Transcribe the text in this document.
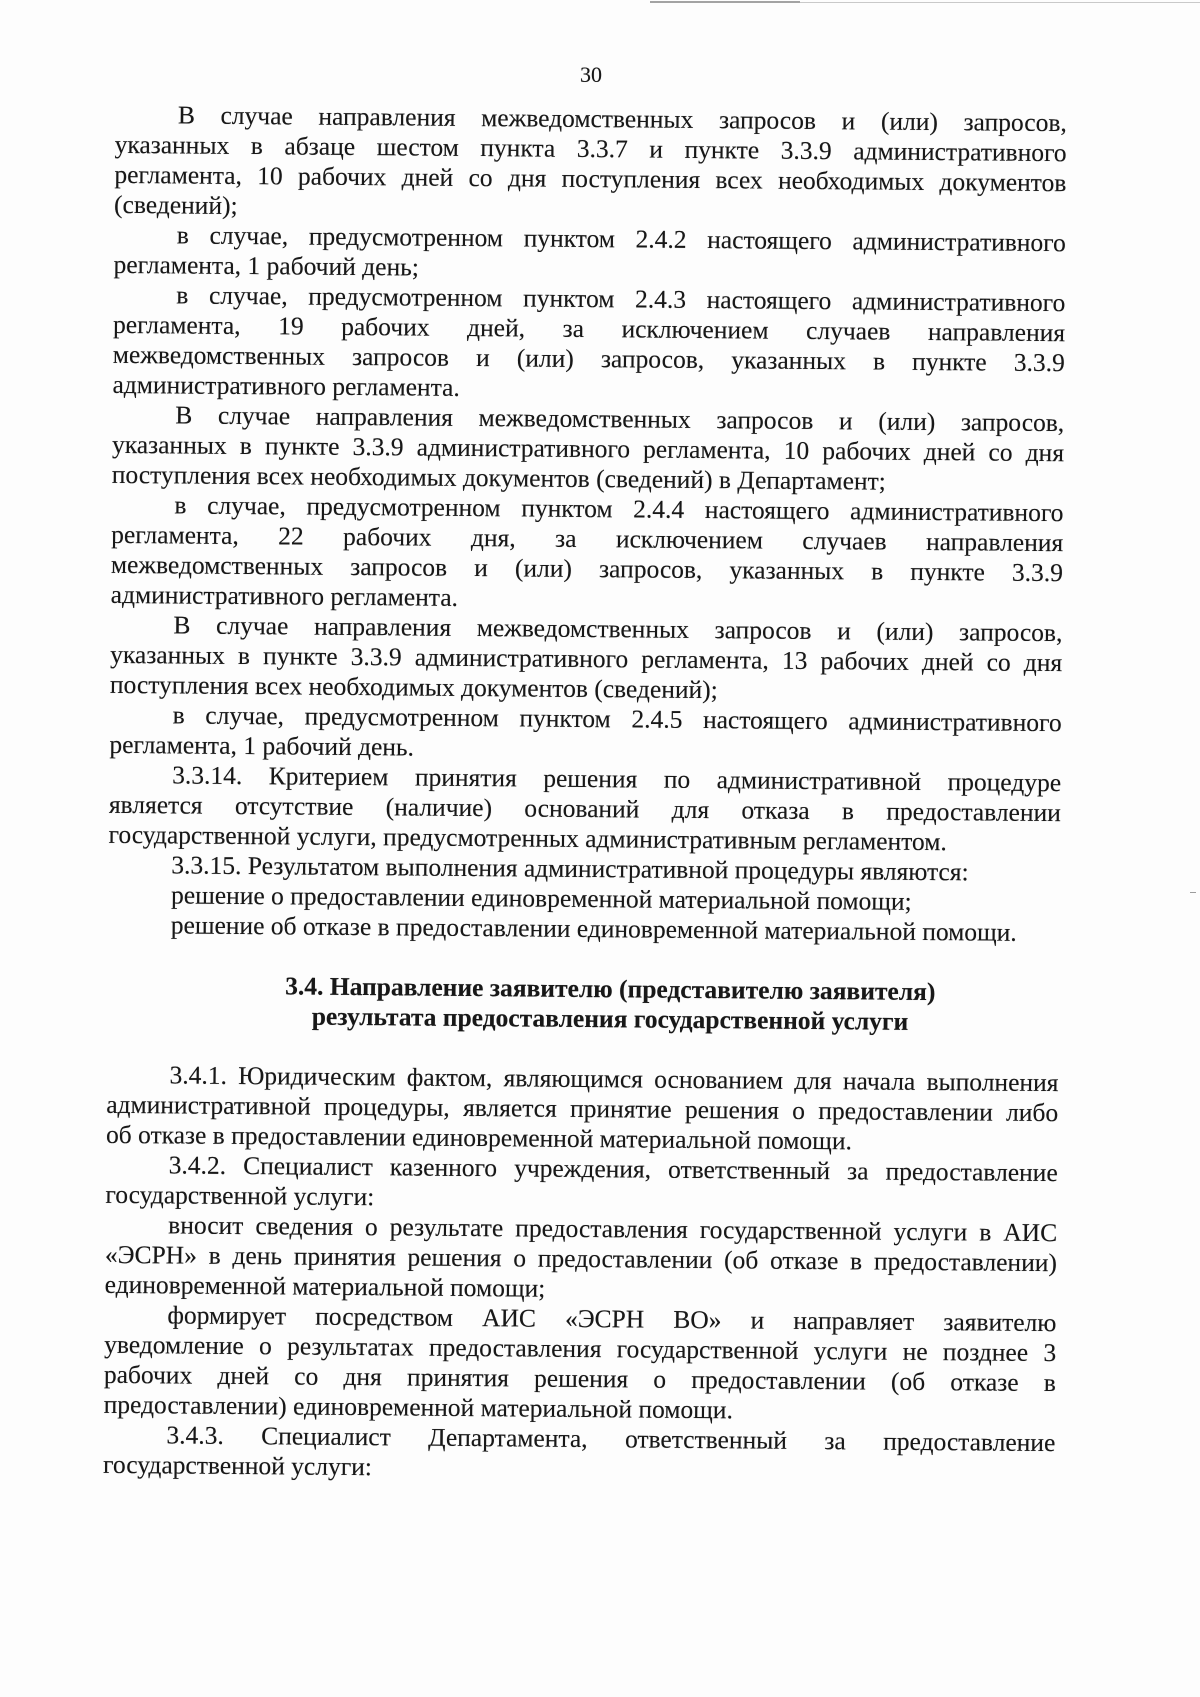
30
В случае направления межведомственных запросов и (или) запросов,
указанных в абзаце шестом пункта 3.3.7 и пункте 3.3.9 административного
регламента, 10 рабочих дней со дня поступления всех необходимых документов
(сведений);
в случае, предусмотренном пунктом 2.4.2 настоящего административного
регламента, 1 рабочий день;
в случае, предусмотренном пунктом 2.4.3 настоящего административного
регламента, 19 рабочих дней, за исключением случаев направления
межведомственных запросов и (или) запросов, указанных в пункте 3.3.9
административного регламента.
В случае направления межведомственных запросов и (или) запросов,
указанных в пункте 3.3.9 административного регламента, 10 рабочих дней со дня
поступления всех необходимых документов (сведений) в Департамент;
в случае, предусмотренном пунктом 2.4.4 настоящего административного
регламента, 22 рабочих дня, за исключением случаев направления
межведомственных запросов и (или) запросов, указанных в пункте 3.3.9
административного регламента.
В случае направления межведомственных запросов и (или) запросов,
указанных в пункте 3.3.9 административного регламента, 13 рабочих дней со дня
поступления всех необходимых документов (сведений);
в случае, предусмотренном пунктом 2.4.5 настоящего административного
регламента, 1 рабочий день.
3.3.14. Критерием принятия решения по административной процедуре
является отсутствие (наличие) оснований для отказа в предоставлении
государственной услуги, предусмотренных административным регламентом.
3.3.15. Результатом выполнения административной процедуры являются:
решение о предоставлении единовременной материальной помощи;
решение об отказе в предоставлении единовременной материальной помощи.
3.4. Направление заявителю (представителю заявителя)
результата предоставления государственной услуги
3.4.1. Юридическим фактом, являющимся основанием для начала выполнения
административной процедуры, является принятие решения о предоставлении либо
об отказе в предоставлении единовременной материальной помощи.
3.4.2. Специалист казенного учреждения, ответственный за предоставление
государственной услуги:
вносит сведения о результате предоставления государственной услуги в АИС
«ЭСРН» в день принятия решения о предоставлении (об отказе в предоставлении)
единовременной материальной помощи;
формирует посредством АИС «ЭСРН ВО» и направляет заявителю
уведомление о результатах предоставления государственной услуги не позднее 3
рабочих дней со дня принятия решения о предоставлении (об отказе в
предоставлении) единовременной материальной помощи.
3.4.3. Специалист Департамента, ответственный за предоставление
государственной услуги:
